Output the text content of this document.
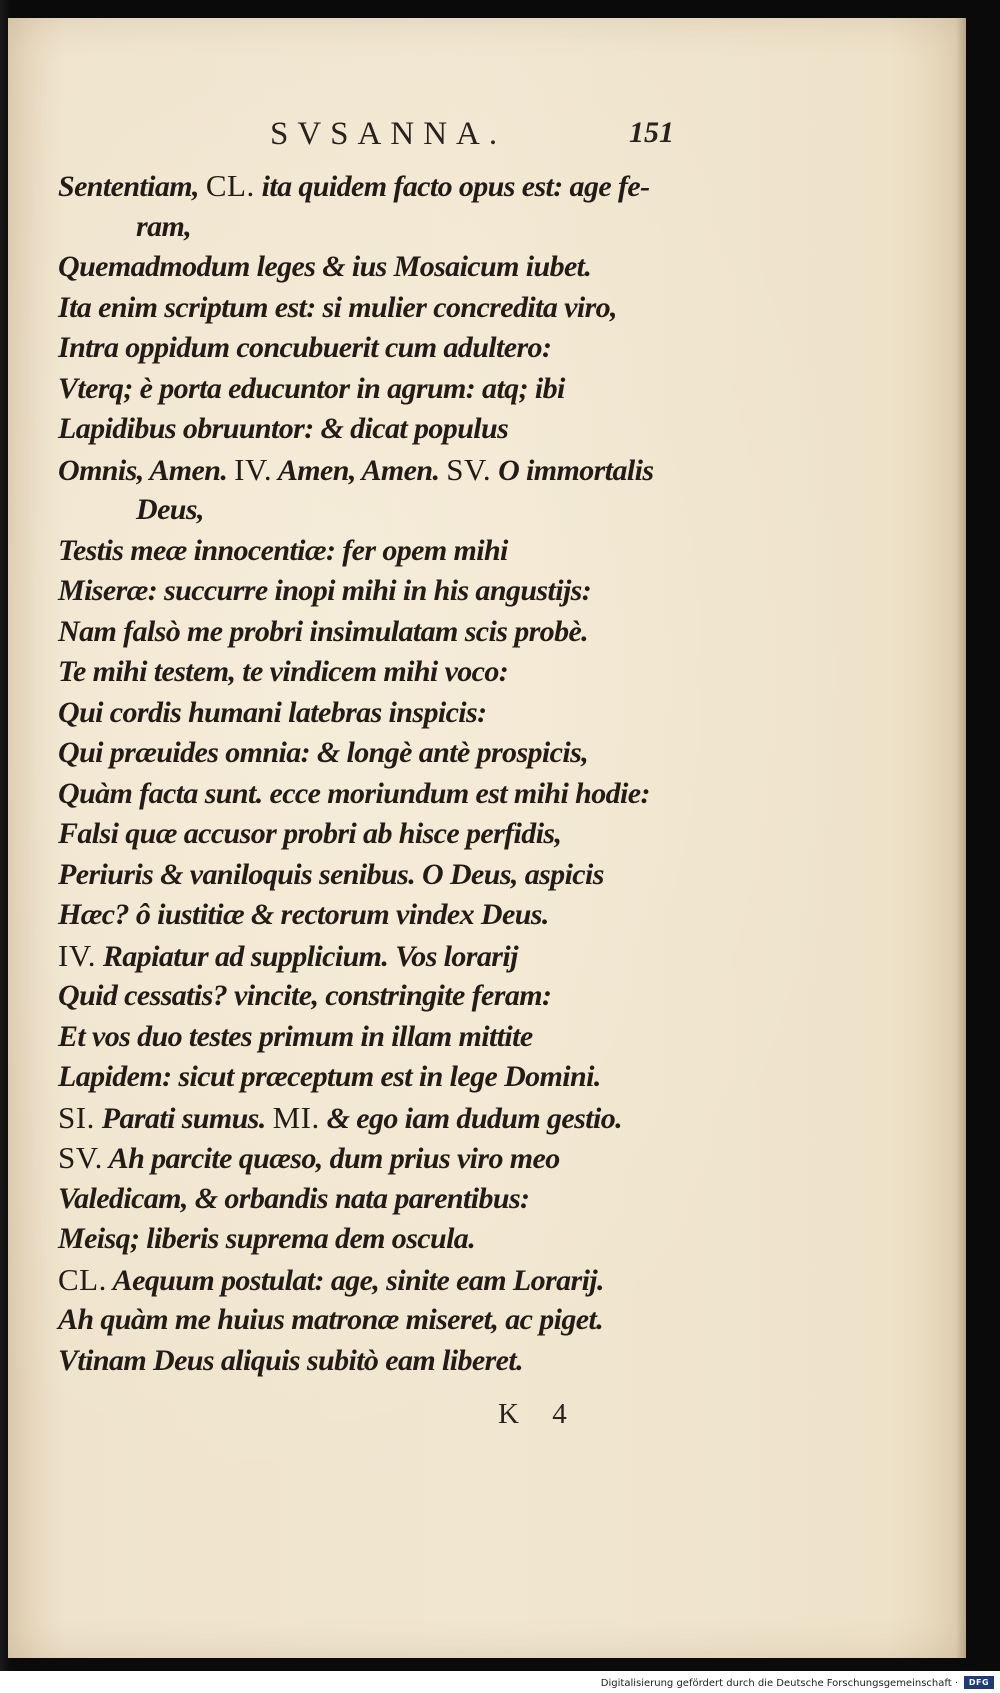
SVSANNA.	151
Sententiam, CL. ita quidem facto opus est: age fe-
ram,
Quemadmodum leges & ius Mosaicum iubet.
Ita enim scriptum est: si mulier concredita viro,
Intra oppidum concubuerit cum adultero:
Vterq; è porta educuntor in agrum: atq; ibi
Lapidibus obruuntor: & dicat populus
Omnis, Amen. IV. Amen, Amen. SV. O immortalis
Deus,
Testis meæ innocentiæ: fer opem mihi
Miseræ: succurre inopi mihi in his angustijs:
Nam falsò me probri insimulatam scis probè.
Te mihi testem, te vindicem mihi voco:
Qui cordis humani latebras inspicis:
Qui præuides omnia: & longè antè prospicis,
Quàm facta sunt. ecce moriundum est mihi hodie:
Falsi quæ accusor probri ab hisce perfidis,
Periuris & vaniloquis senibus. O Deus, aspicis
Hæc? ô iustitiæ & rectorum vindex Deus.
IV. Rapiatur ad supplicium. Vos lorarij
Quid cessatis? vincite, constringite feram:
Et vos duo testes primum in illam mittite
Lapidem: sicut præceptum est in lege Domini.
SI. Parati sumus. MI. & ego iam dudum gestio.
SV. Ah parcite quæso, dum prius viro meo
Valedicam, & orbandis nata parentibus:
Meisq; liberis suprema dem oscula.
CL. Aequum postulat: age, sinite eam Lorarij.
Ah quàm me huius matronæ miseret, ac piget.
Vtinam Deus aliquis subitò eam liberet.
K 4
Digitalisierung gefördert durch die Deutsche Forschungsgemeinschaft ·	DFG
